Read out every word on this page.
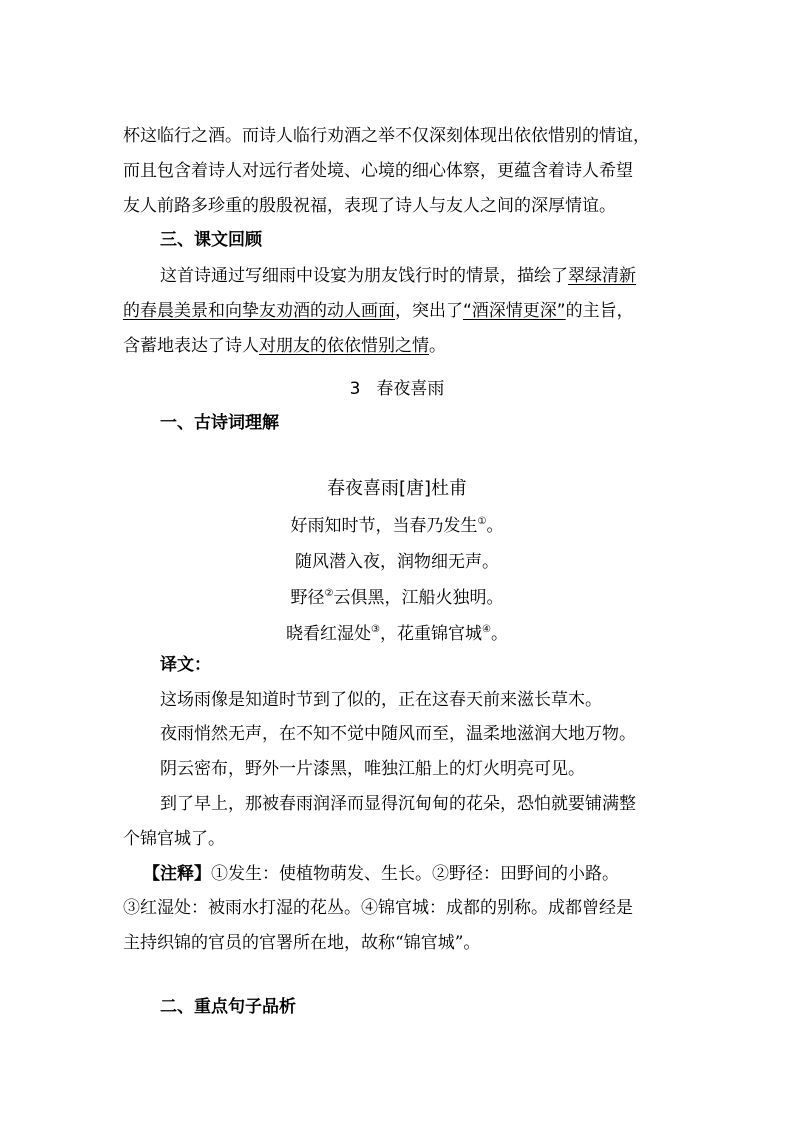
杯这临行之酒。而诗人临行劝酒之举不仅深刻体现出依依惜别的情谊，
而且包含着诗人对远行者处境、心境的细心体察，更蕴含着诗人希望
友人前路多珍重的殷殷祝福，表现了诗人与友人之间的深厚情谊。
三、课文回顾
这首诗通过写细雨中设宴为朋友饯行时的情景，描绘了翠绿清新
的春晨美景和向挚友劝酒的动人画面，突出了“酒深情更深”的主旨，
含蓄地表达了诗人对朋友的依依惜别之情。
3 春夜喜雨
一、古诗词理解
春夜喜雨[唐]杜甫
好雨知时节，当春乃发生①。
随风潜入夜，润物细无声。
野径②云俱黑，江船火独明。
晓看红湿处③，花重锦官城④。
译文：
这场雨像是知道时节到了似的，正在这春天前来滋长草木。
夜雨悄然无声，在不知不觉中随风而至，温柔地滋润大地万物。
阴云密布，野外一片漆黑，唯独江船上的灯火明亮可见。
到了早上，那被春雨润泽而显得沉甸甸的花朵，恐怕就要铺满整
个锦官城了。
【注释】①发生：使植物萌发、生长。②野径：田野间的小路。
③红湿处：被雨水打湿的花丛。④锦官城：成都的别称。成都曾经是
主持织锦的官员的官署所在地，故称“锦官城”。
二、重点句子品析
